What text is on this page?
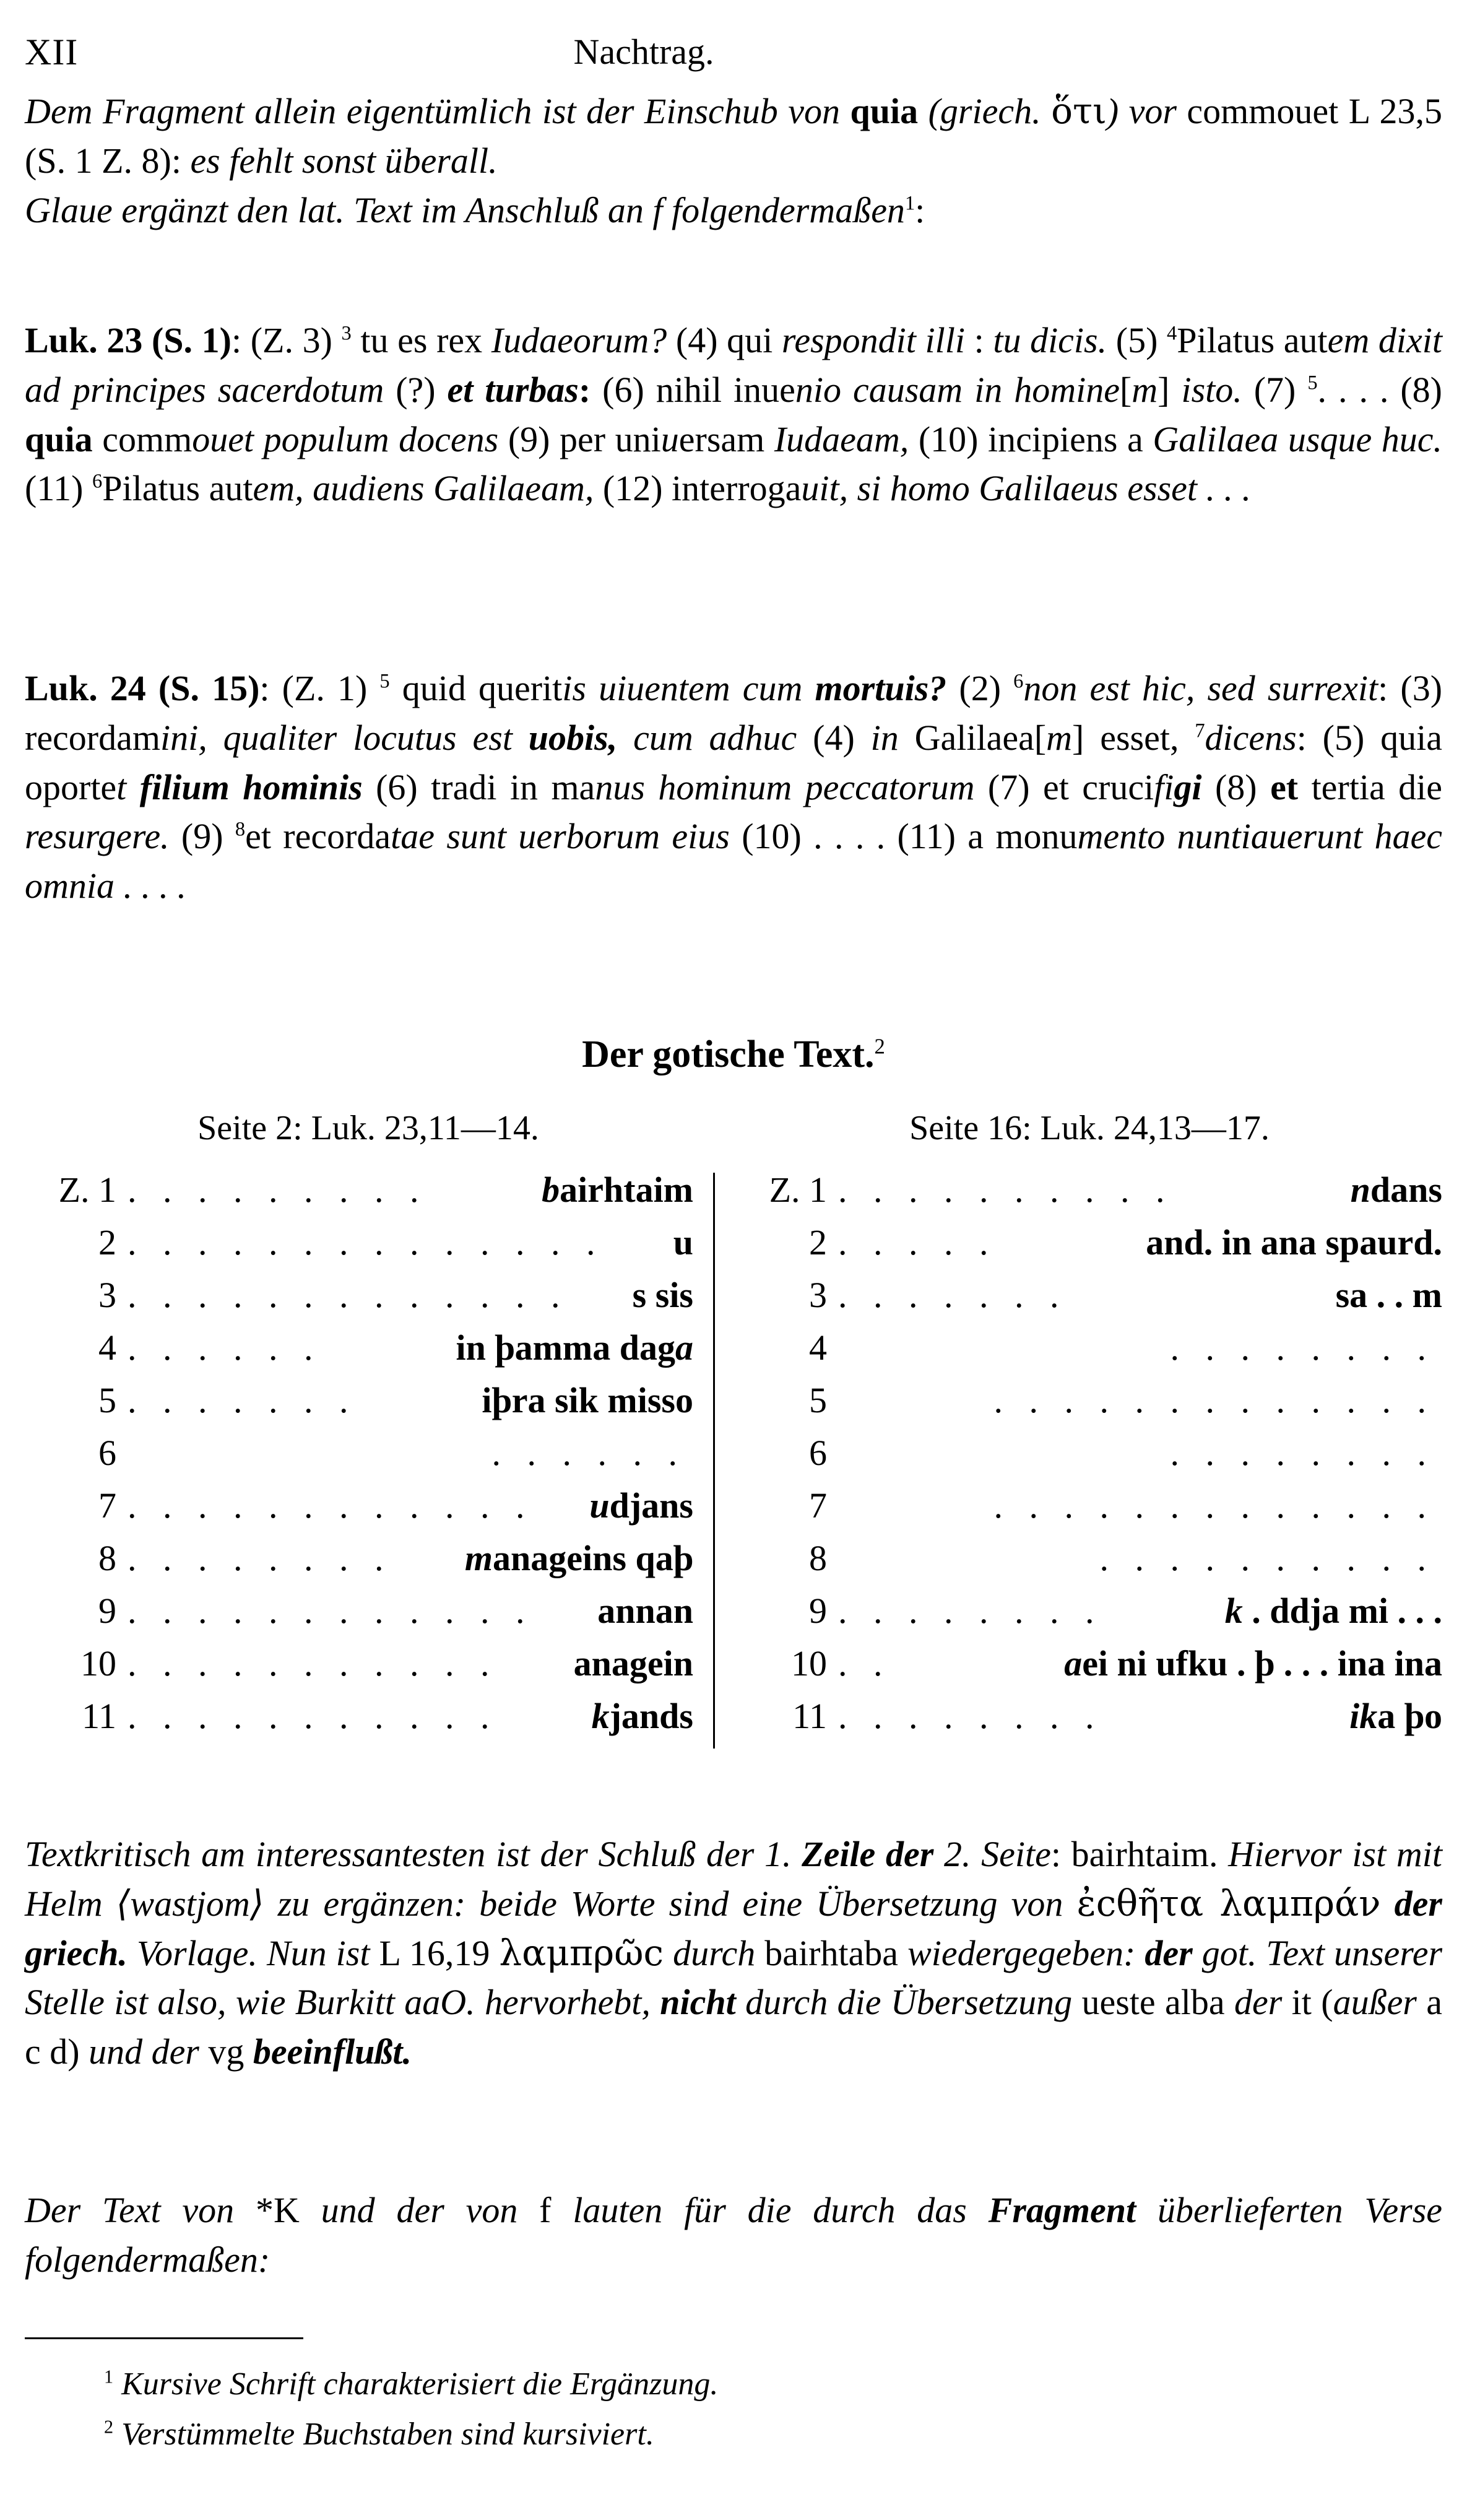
XII	Nachtrag.

Dem Fragment allein eigentümlich ist der Einschub von quia (griech. ὅτι) vor commouet L 23,5 (S. 1 Z. 8): es fehlt sonst überall.

Glaue ergänzt den lat. Text im Anschluß an f folgendermaßen$^1$:

Luk. 23 (S. 1): (Z. 3) $^3$ tu es rex Iudaeorum? (4) qui respondit illi : tu dicis. (5) $^4$Pilatus autem dixit ad principes sacerdotum (?) et turbas: (6) nihil inuenio causam in homine[m] isto. (7) $^5$. . . . (8) quia commouet populum docens (9) per uniuersam Iudaeam, (10) incipiens a Galilaea usque huc. (11) $^6$Pilatus autem, audiens Galilaeam, (12) interrogauit, si homo Galilaeus esset . . .

Luk. 24 (S. 15): (Z. 1) $^5$ quid queritis uiuentem cum mortuis? (2) $^6$non est hic, sed surrexit: (3) recordamini, qualiter locutus est uobis, cum adhuc (4) in Galilaea[m] esset, $^7$dicens: (5) quia oportet filium hominis (6) tradi in manus hominum peccatorum (7) et crucifigi (8) et tertia die resurgere. (9) $^8$et recordatae sunt uerborum eius (10) . . . . (11) a monumento nuntiauerunt haec omnia . . . .

Der gotische Text.$^2$
Seite 2: Luk. 23,11—14.	Seite 16: Luk. 24,13—17.
Z. 1 . . . . . . . . .	bairhtaim
2 . . . . . . . . . . . . . .	u
3 . . . . . . . . . . . . .	s sis
4 . . . . . .	in þamma daga
5 . . . . . . .	iþra sik misso
6	. . . . . .
7 . . . . . . . . . . . .	udjans
8 . . . . . . . .	manageins qaþ
9 . . . . . . . . . . . .	annan
10 . . . . . . . . . . .	anagein
11 . . . . . . . . . . .	kjands
Z. 1 . . . . . . . . . .	ndans
2 . . . . .	and. in ana spaurd.
3 . . . . . . .	sa . . m
4	. . . . . . . .
5	. . . . . . . . . . . . .
6	. . . . . . . .
7	. . . . . . . . . . . . .
8	. . . . . . . . . .
9 . . . . . . . .	k . ddja mi . . .
10 . .	aei ni ufku . þ . . . ina ina
11 . . . . . . . .	ika þo

Textkritisch am interessantesten ist der Schluß der 1. Zeile der 2. Seite: bairhtaim. Hiervor ist mit Helm ⟨wastjom⟩ zu ergänzen: beide Worte sind eine Übersetzung von ἐcθῆτα λαμπράν der griech. Vorlage. Nun ist L 16,19 λαμπρῶc durch bairhtaba wiedergegeben: der got. Text unserer Stelle ist also, wie Burkitt aaO. hervorhebt, nicht durch die Übersetzung ueste alba der it (außer a c d) und der vg beeinflußt.

Der Text von *K und der von f lauten für die durch das Fragment überlieferten Verse folgendermaßen:

$^1$ Kursive Schrift charakterisiert die Ergänzung.

$^2$ Verstümmelte Buchstaben sind kursiviert.
